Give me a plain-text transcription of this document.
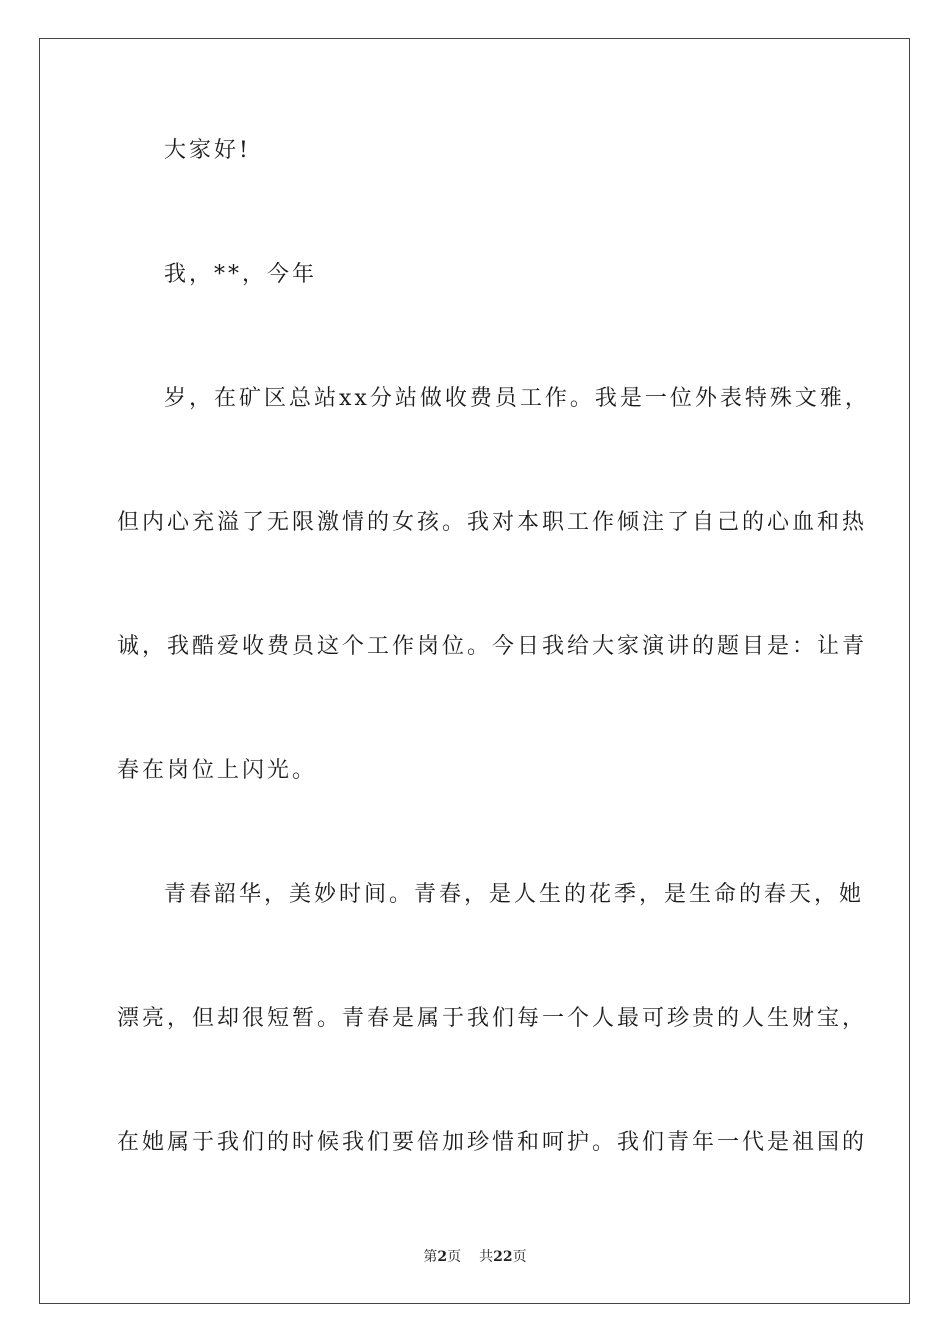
大家好!
我，**，今年
岁，在矿区总站xx分站做收费员工作。我是一位外表特殊文雅，
但内心充溢了无限激情的女孩。我对本职工作倾注了自己的心血和热
诚，我酷爱收费员这个工作岗位。今日我给大家演讲的题目是：让青
春在岗位上闪光。
青春韶华，美妙时间。青春，是人生的花季，是生命的春天，她
漂亮，但却很短暂。青春是属于我们每一个人最可珍贵的人生财宝，
在她属于我们的时候我们要倍加珍惜和呵护。我们青年一代是祖国的
第2页 共22页
